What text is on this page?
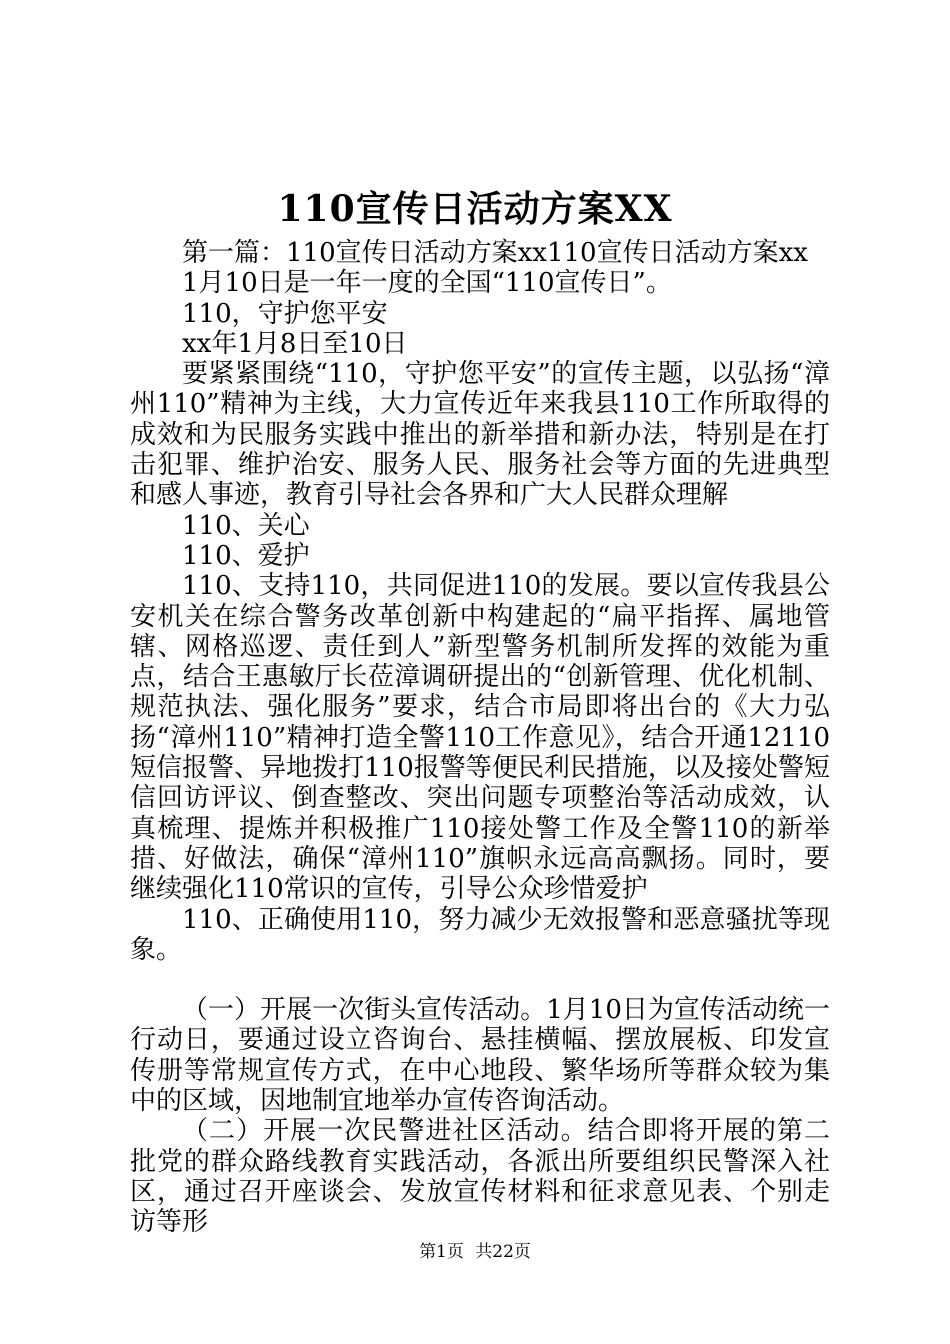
110宣传日活动方案XX

第一篇：110宣传日活动方案xx110宣传日活动方案xx

1月10日是一年一度的全国“110宣传日”。

110，守护您平安

xx年1月8日至10日

要紧紧围绕“110，守护您平安”的宣传主题，以弘扬“漳州110”精神为主线，大力宣传近年来我县110工作所取得的成效和为民服务实践中推出的新举措和新办法，特别是在打击犯罪、维护治安、服务人民、服务社会等方面的先进典型和感人事迹，教育引导社会各界和广大人民群众理解

110、关心

110、爱护

110、支持110，共同促进110的发展。要以宣传我县公安机关在综合警务改革创新中构建起的“扁平指挥、属地管辖、网格巡逻、责任到人”新型警务机制所发挥的效能为重点，结合王惠敏厅长莅漳调研提出的“创新管理、优化机制、规范执法、强化服务”要求，结合市局即将出台的《大力弘扬“漳州110”精神打造全警110工作意见》，结合开通12110短信报警、异地拨打110报警等便民利民措施，以及接处警短信回访评议、倒查整改、突出问题专项整治等活动成效，认真梳理、提炼并积极推广110接处警工作及全警110的新举措、好做法，确保“漳州110”旗帜永远高高飘扬。同时，要继续强化110常识的宣传，引导公众珍惜爱护

110、正确使用110，努力减少无效报警和恶意骚扰等现象。

（一）开展一次街头宣传活动。1月10日为宣传活动统一行动日，要通过设立咨询台、悬挂横幅、摆放展板、印发宣传册等常规宣传方式，在中心地段、繁华场所等群众较为集中的区域，因地制宜地举办宣传咨询活动。

（二）开展一次民警进社区活动。结合即将开展的第二批党的群众路线教育实践活动，各派出所要组织民警深入社区，通过召开座谈会、发放宣传材料和征求意见表、个别走访等形

第1页 共22页
